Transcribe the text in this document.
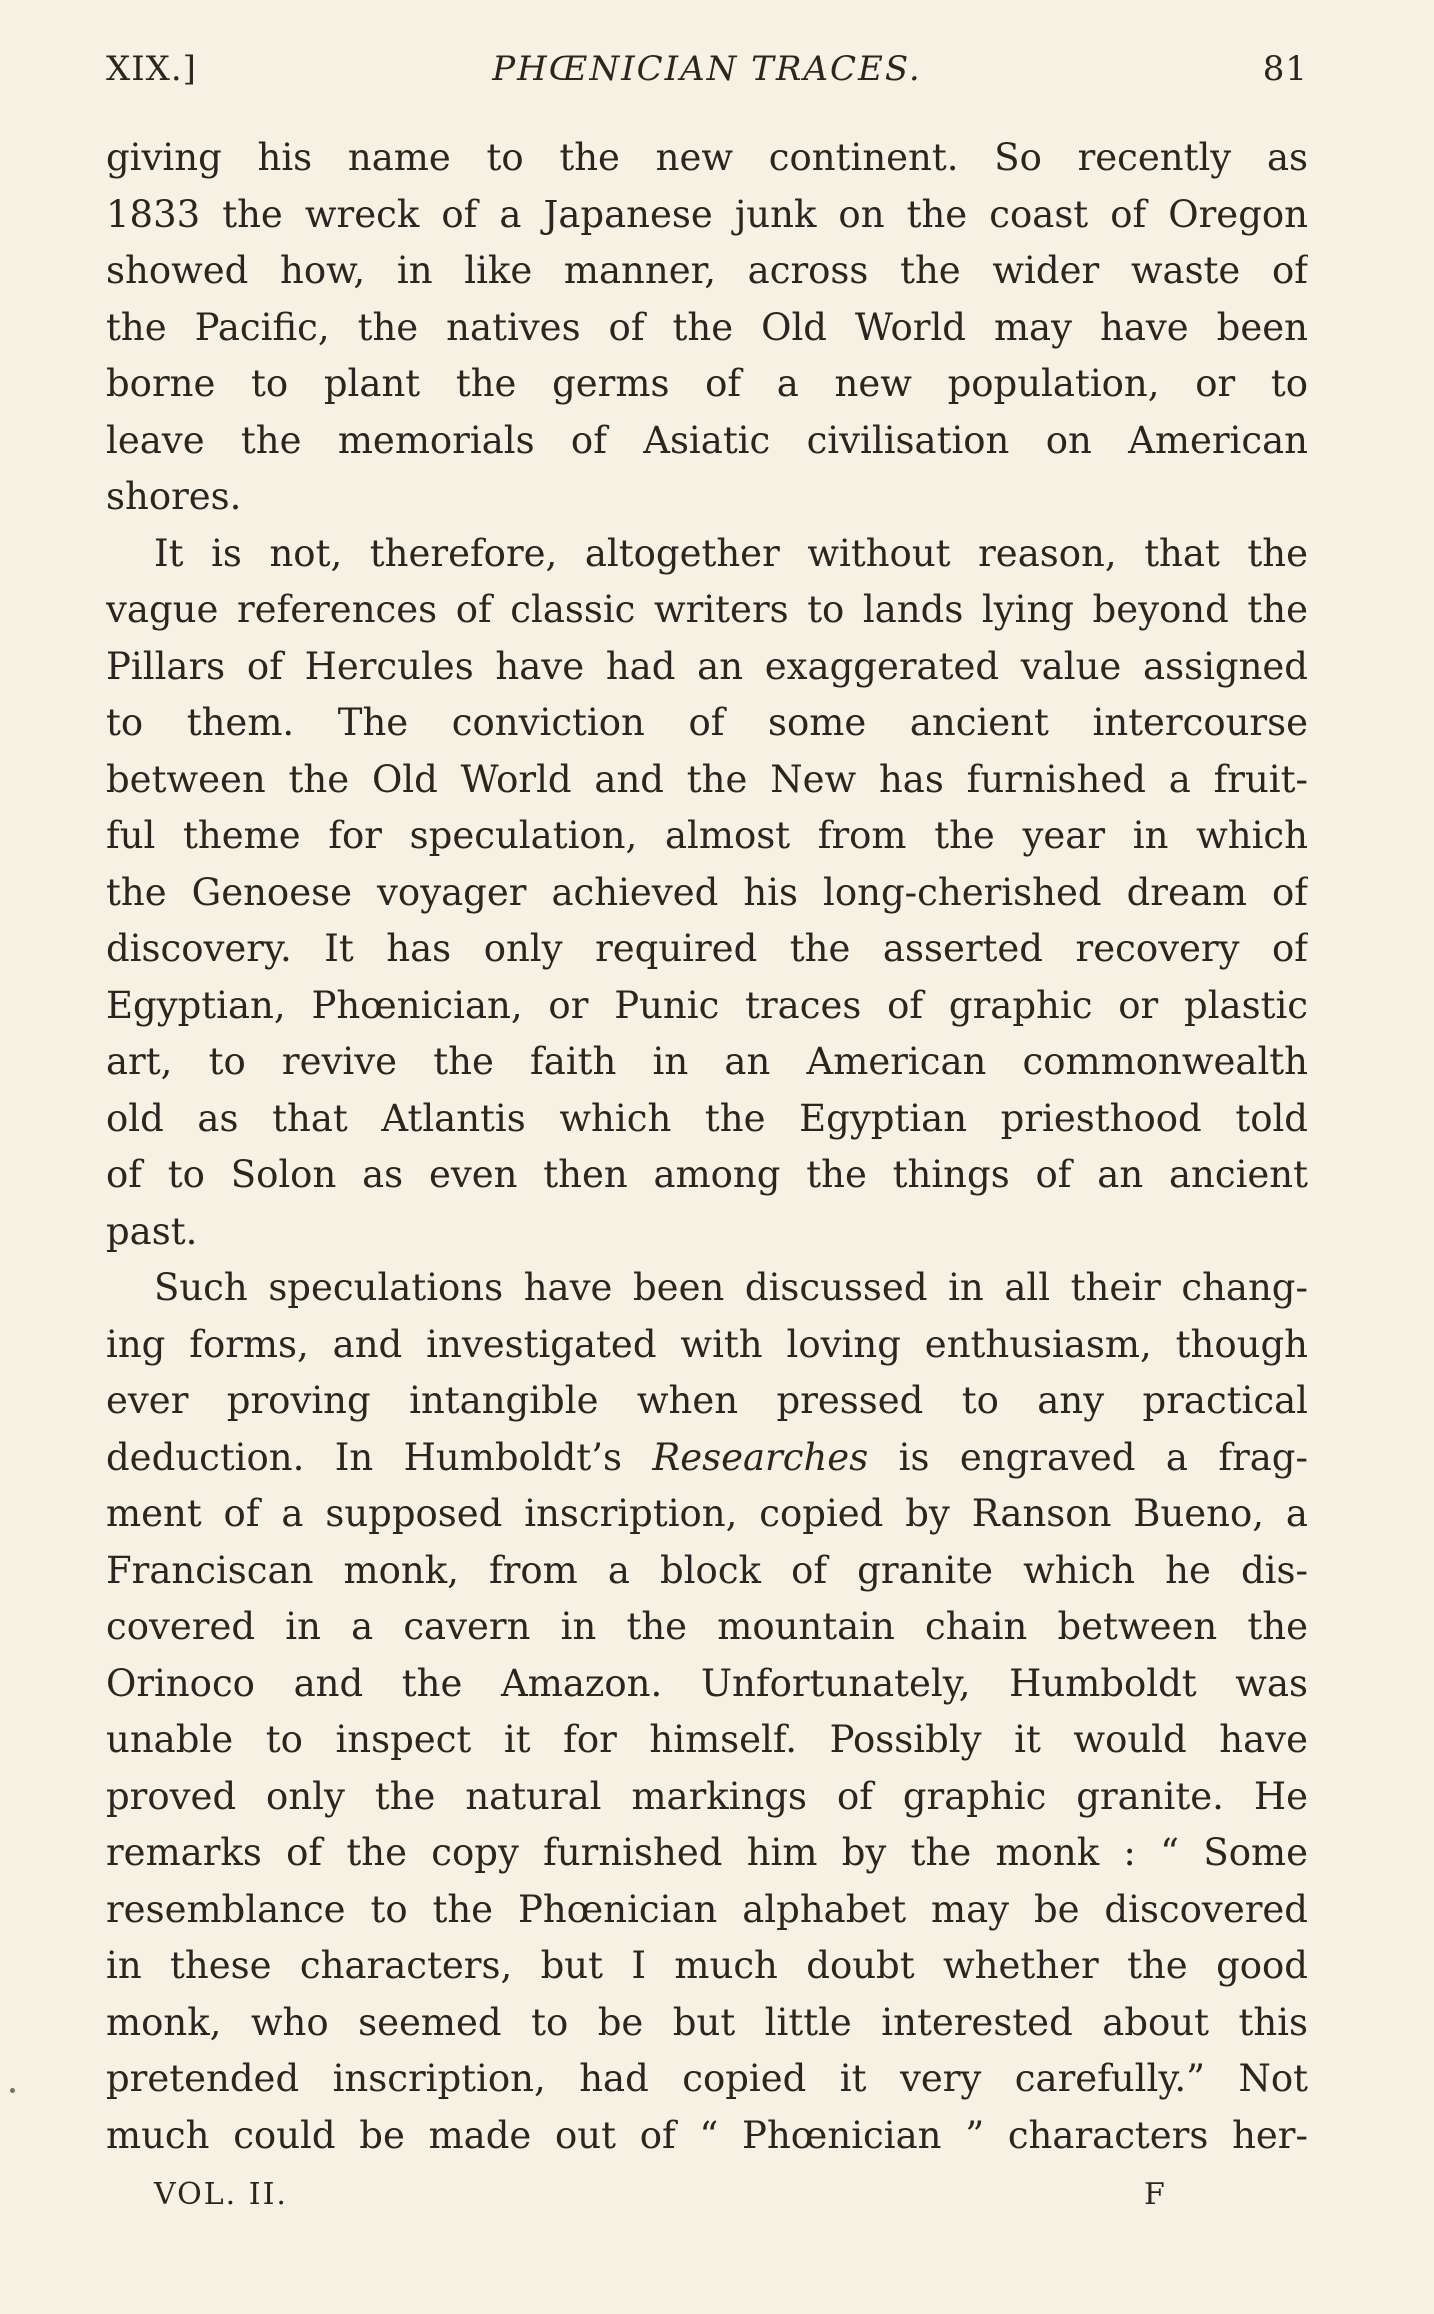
XIX.]	PHŒNICIAN TRACES.	81
giving his name to the new continent. So recently as
1833 the wreck of a Japanese junk on the coast of Oregon
showed how, in like manner, across the wider waste of
the Pacific, the natives of the Old World may have been
borne to plant the germs of a new population, or to
leave the memorials of Asiatic civilisation on American
shores.
It is not, therefore, altogether without reason, that the
vague references of classic writers to lands lying beyond the
Pillars of Hercules have had an exaggerated value assigned
to them. The conviction of some ancient intercourse
between the Old World and the New has furnished a fruit-
ful theme for speculation, almost from the year in which
the Genoese voyager achieved his long-cherished dream of
discovery. It has only required the asserted recovery of
Egyptian, Phœnician, or Punic traces of graphic or plastic
art, to revive the faith in an American commonwealth
old as that Atlantis which the Egyptian priesthood told
of to Solon as even then among the things of an ancient
past.
Such speculations have been discussed in all their chang-
ing forms, and investigated with loving enthusiasm, though
ever proving intangible when pressed to any practical
deduction. In Humboldt’s Researches is engraved a frag-
ment of a supposed inscription, copied by Ranson Bueno, a
Franciscan monk, from a block of granite which he dis-
covered in a cavern in the mountain chain between the
Orinoco and the Amazon. Unfortunately, Humboldt was
unable to inspect it for himself. Possibly it would have
proved only the natural markings of graphic granite. He
remarks of the copy furnished him by the monk : “ Some
resemblance to the Phœnician alphabet may be discovered
in these characters, but I much doubt whether the good
monk, who seemed to be but little interested about this
pretended inscription, had copied it very carefully.” Not
much could be made out of “ Phœnician ” characters her-
VOL. II.	F
